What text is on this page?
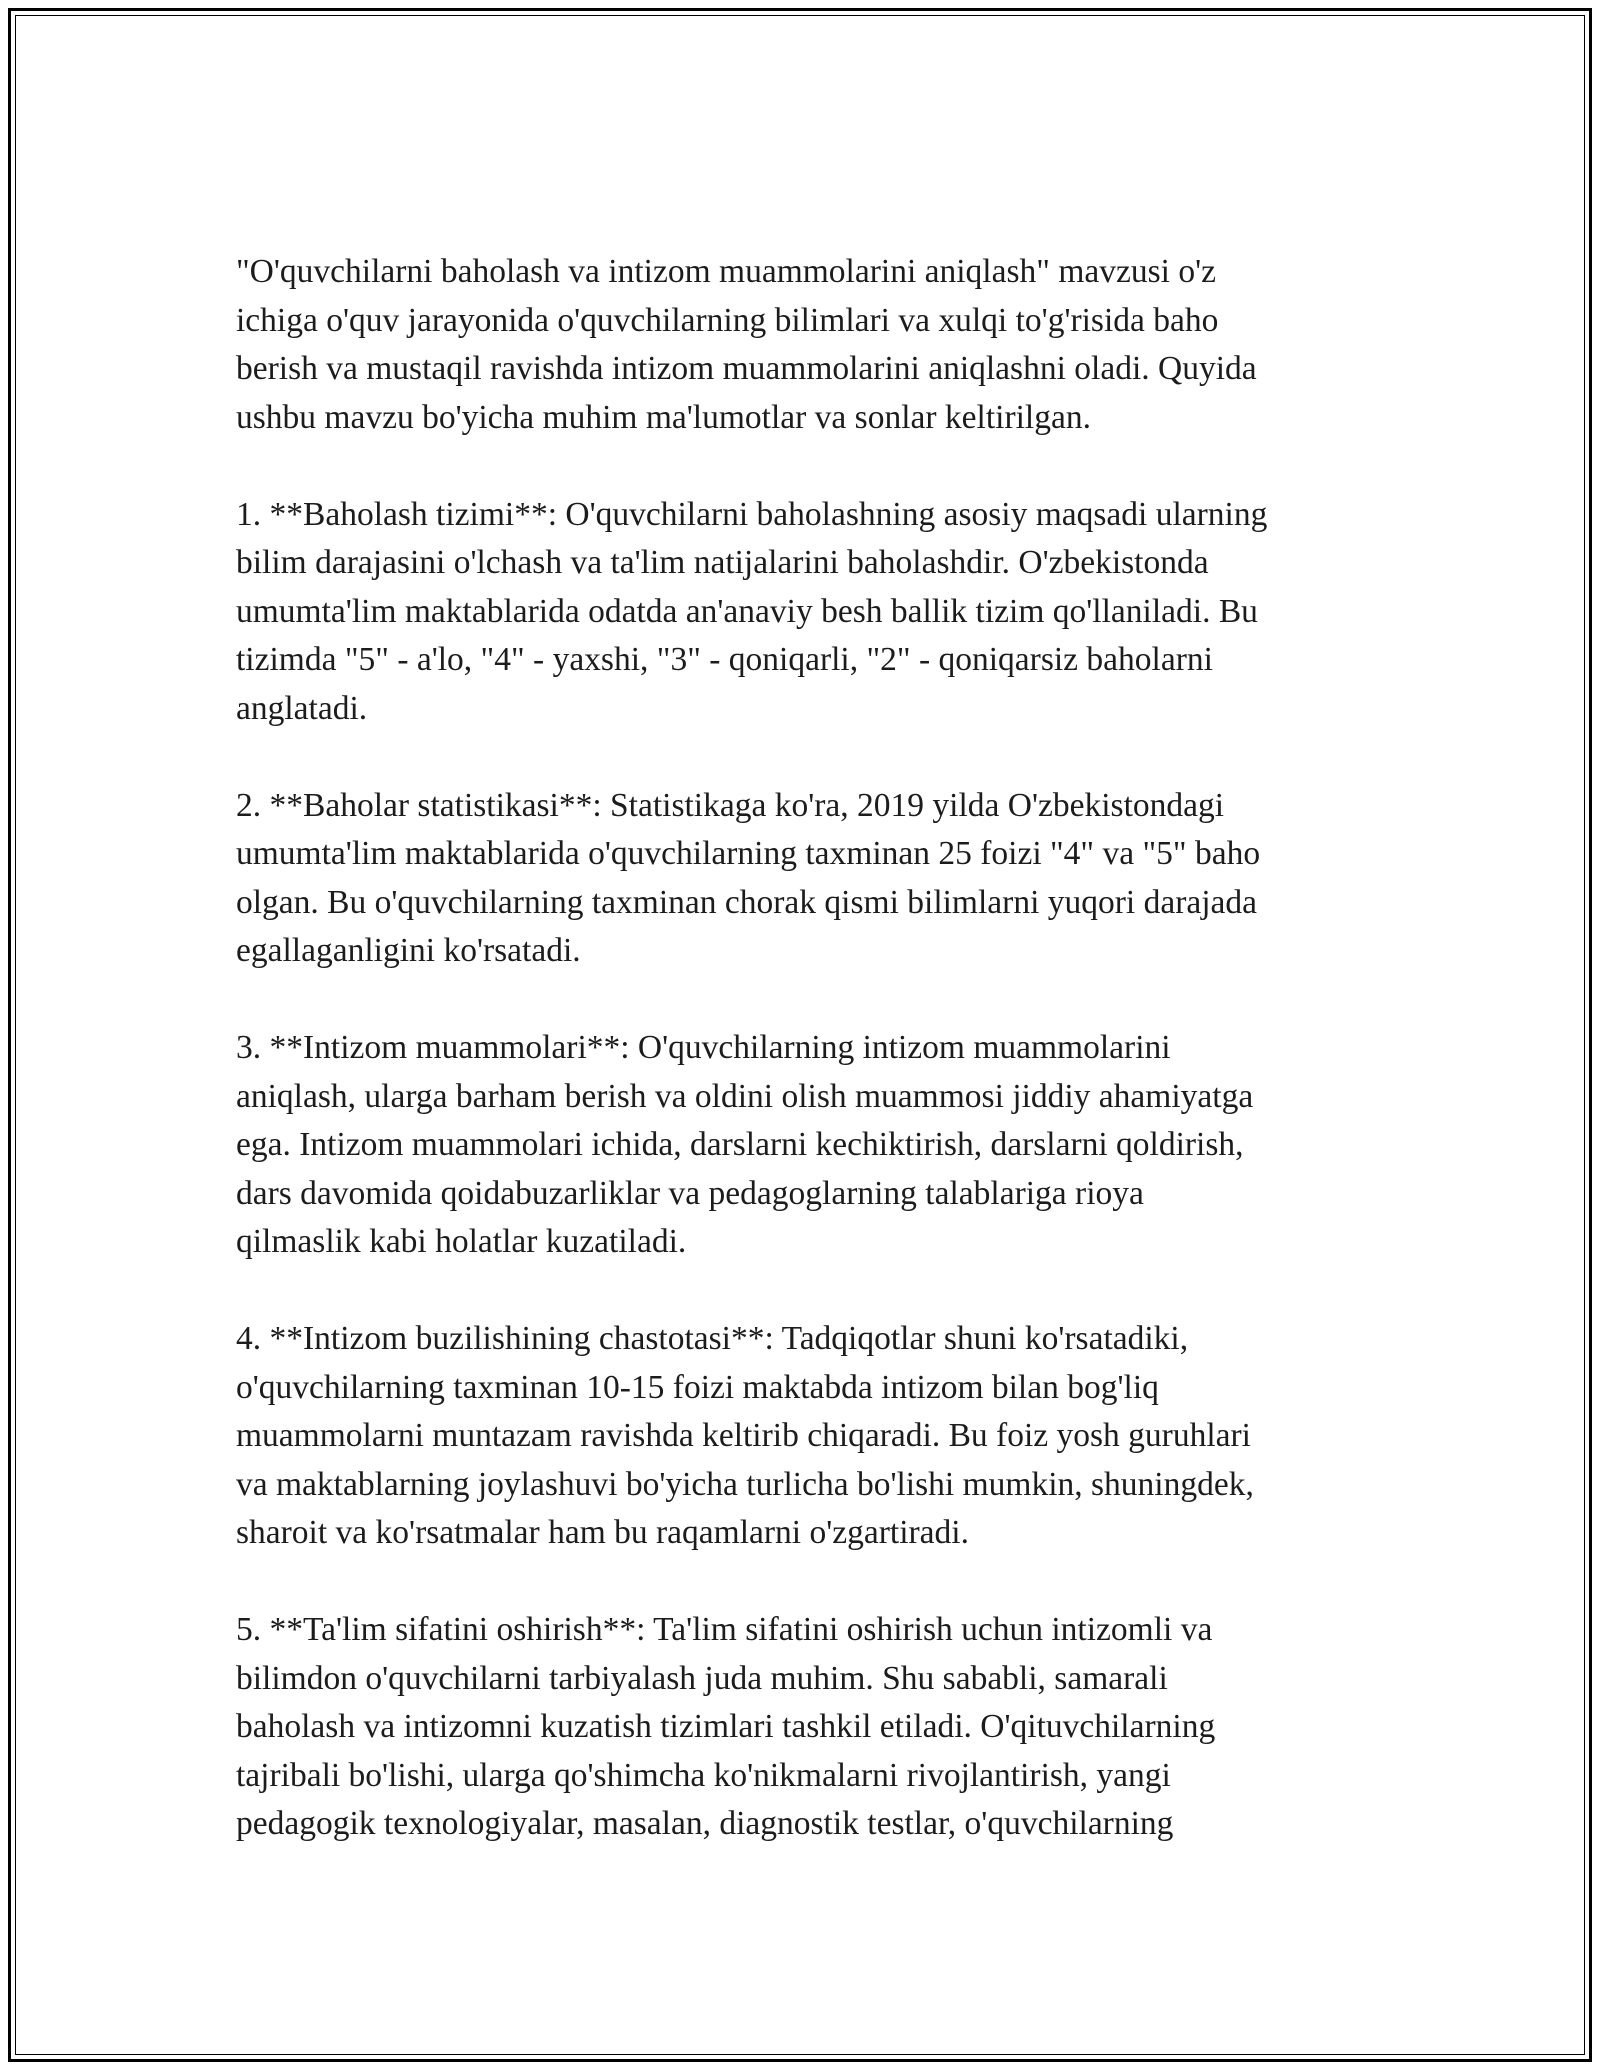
"O'quvchilarni baholash va intizom muammolarini aniqlash" mavzusi o'z
ichiga o'quv jarayonida o'quvchilarning bilimlari va xulqi to'g'risida baho
berish va mustaqil ravishda intizom muammolarini aniqlashni oladi. Quyida
ushbu mavzu bo'yicha muhim ma'lumotlar va sonlar keltirilgan.

1. **Baholash tizimi**: O'quvchilarni baholashning asosiy maqsadi ularning
bilim darajasini o'lchash va ta'lim natijalarini baholashdir. O'zbekistonda
umumta'lim maktablarida odatda an'anaviy besh ballik tizim qo'llaniladi. Bu
tizimda "5" - a'lo, "4" - yaxshi, "3" - qoniqarli, "2" - qoniqarsiz baholarni
anglatadi.

2. **Baholar statistikasi**: Statistikaga ko'ra, 2019 yilda O'zbekistondagi
umumta'lim maktablarida o'quvchilarning taxminan 25 foizi "4" va "5" baho
olgan. Bu o'quvchilarning taxminan chorak qismi bilimlarni yuqori darajada
egallaganligini ko'rsatadi.

3. **Intizom muammolari**: O'quvchilarning intizom muammolarini
aniqlash, ularga barham berish va oldini olish muammosi jiddiy ahamiyatga
ega. Intizom muammolari ichida, darslarni kechiktirish, darslarni qoldirish,
dars davomida qoidabuzarliklar va pedagoglarning talablariga rioya
qilmaslik kabi holatlar kuzatiladi.

4. **Intizom buzilishining chastotasi**: Tadqiqotlar shuni ko'rsatadiki,
o'quvchilarning taxminan 10-15 foizi maktabda intizom bilan bog'liq
muammolarni muntazam ravishda keltirib chiqaradi. Bu foiz yosh guruhlari
va maktablarning joylashuvi bo'yicha turlicha bo'lishi mumkin, shuningdek,
sharoit va ko'rsatmalar ham bu raqamlarni o'zgartiradi.

5. **Ta'lim sifatini oshirish**: Ta'lim sifatini oshirish uchun intizomli va
bilimdon o'quvchilarni tarbiyalash juda muhim. Shu sababli, samarali
baholash va intizomni kuzatish tizimlari tashkil etiladi. O'qituvchilarning
tajribali bo'lishi, ularga qo'shimcha ko'nikmalarni rivojlantirish, yangi
pedagogik texnologiyalar, masalan, diagnostik testlar, o'quvchilarning
